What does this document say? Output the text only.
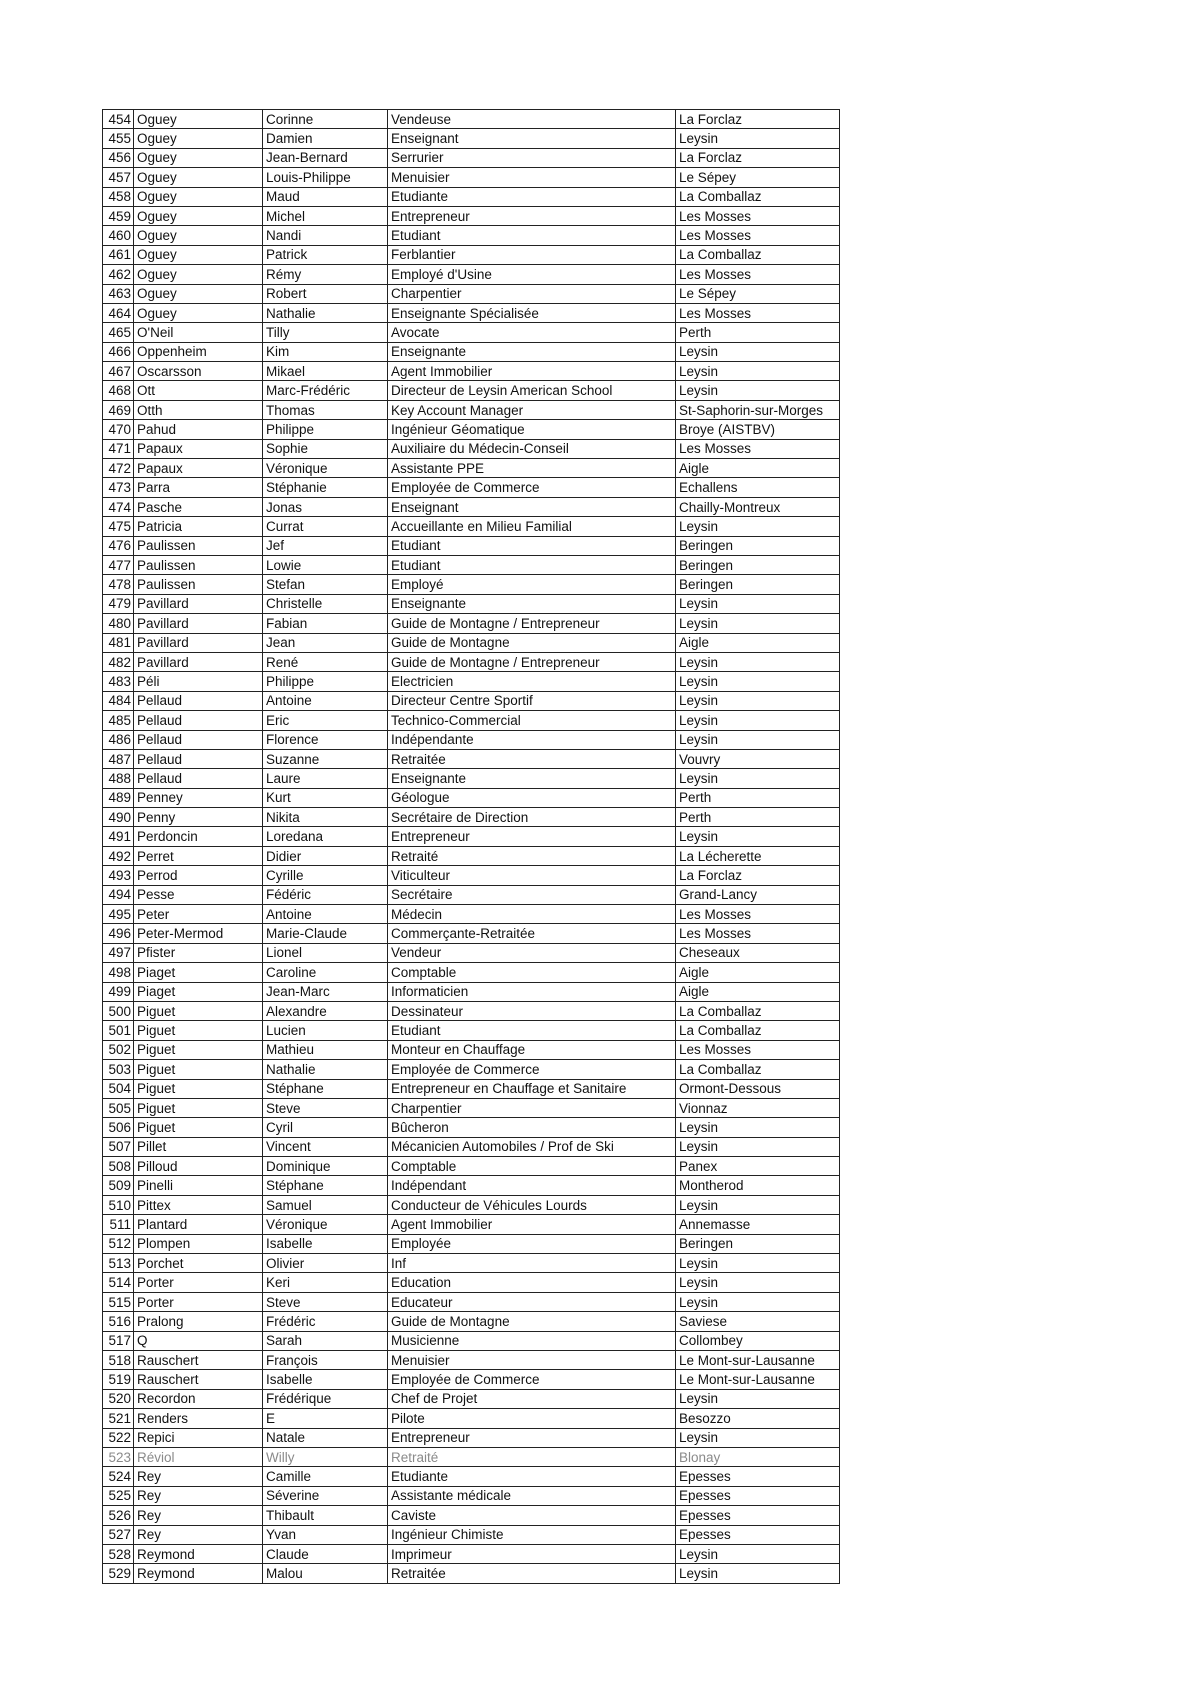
454	Oguey	Corinne	Vendeuse	La Forclaz
455	Oguey	Damien	Enseignant	Leysin
456	Oguey	Jean-Bernard	Serrurier	La Forclaz
457	Oguey	Louis-Philippe	Menuisier	Le Sépey
458	Oguey	Maud	Etudiante	La Comballaz
459	Oguey	Michel	Entrepreneur	Les Mosses
460	Oguey	Nandi	Etudiant	Les Mosses
461	Oguey	Patrick	Ferblantier	La Comballaz
462	Oguey	Rémy	Employé d'Usine	Les Mosses
463	Oguey	Robert	Charpentier	Le Sépey
464	Oguey	Nathalie	Enseignante Spécialisée	Les Mosses
465	O'Neil	Tilly	Avocate	Perth
466	Oppenheim	Kim	Enseignante	Leysin
467	Oscarsson	Mikael	Agent Immobilier	Leysin
468	Ott	Marc-Frédéric	Directeur de Leysin American School	Leysin
469	Otth	Thomas	Key Account Manager	St-Saphorin-sur-Morges
470	Pahud	Philippe	Ingénieur Géomatique	Broye (AISTBV)
471	Papaux	Sophie	Auxiliaire du Médecin-Conseil	Les Mosses
472	Papaux	Véronique	Assistante PPE	Aigle
473	Parra	Stéphanie	Employée de Commerce	Echallens
474	Pasche	Jonas	Enseignant	Chailly-Montreux
475	Patricia	Currat	Accueillante en Milieu Familial	Leysin
476	Paulissen	Jef	Etudiant	Beringen
477	Paulissen	Lowie	Etudiant	Beringen
478	Paulissen	Stefan	Employé	Beringen
479	Pavillard	Christelle	Enseignante	Leysin
480	Pavillard	Fabian	Guide de Montagne / Entrepreneur	Leysin
481	Pavillard	Jean	Guide de Montagne	Aigle
482	Pavillard	René	Guide de Montagne / Entrepreneur	Leysin
483	Péli	Philippe	Electricien	Leysin
484	Pellaud	Antoine	Directeur Centre Sportif	Leysin
485	Pellaud	Eric	Technico-Commercial	Leysin
486	Pellaud	Florence	Indépendante	Leysin
487	Pellaud	Suzanne	Retraitée	Vouvry
488	Pellaud	Laure	Enseignante	Leysin
489	Penney	Kurt	Géologue	Perth
490	Penny	Nikita	Secrétaire de Direction	Perth
491	Perdoncin	Loredana	Entrepreneur	Leysin
492	Perret	Didier	Retraité	La Lécherette
493	Perrod	Cyrille	Viticulteur	La Forclaz
494	Pesse	Fédéric	Secrétaire	Grand-Lancy
495	Peter	Antoine	Médecin	Les Mosses
496	Peter-Mermod	Marie-Claude	Commerçante-Retraitée	Les Mosses
497	Pfister	Lionel	Vendeur	Cheseaux
498	Piaget	Caroline	Comptable	Aigle
499	Piaget	Jean-Marc	Informaticien	Aigle
500	Piguet	Alexandre	Dessinateur	La Comballaz
501	Piguet	Lucien	Etudiant	La Comballaz
502	Piguet	Mathieu	Monteur en Chauffage	Les Mosses
503	Piguet	Nathalie	Employée de Commerce	La Comballaz
504	Piguet	Stéphane	Entrepreneur en Chauffage et Sanitaire	Ormont-Dessous
505	Piguet	Steve	Charpentier	Vionnaz
506	Piguet	Cyril	Bûcheron	Leysin
507	Pillet	Vincent	Mécanicien Automobiles / Prof de Ski	Leysin
508	Pilloud	Dominique	Comptable	Panex
509	Pinelli	Stéphane	Indépendant	Montherod
510	Pittex	Samuel	Conducteur de Véhicules Lourds	Leysin
511	Plantard	Véronique	Agent Immobilier	Annemasse
512	Plompen	Isabelle	Employée	Beringen
513	Porchet	Olivier	Inf	Leysin
514	Porter	Keri	Education	Leysin
515	Porter	Steve	Educateur	Leysin
516	Pralong	Frédéric	Guide de Montagne	Saviese
517	Q	Sarah	Musicienne	Collombey
518	Rauschert	François	Menuisier	Le Mont-sur-Lausanne
519	Rauschert	Isabelle	Employée de Commerce	Le Mont-sur-Lausanne
520	Recordon	Frédérique	Chef de Projet	Leysin
521	Renders	E	Pilote	Besozzo
522	Repici	Natale	Entrepreneur	Leysin
523	Réviol	Willy	Retraité	Blonay
524	Rey	Camille	Etudiante	Epesses
525	Rey	Séverine	Assistante médicale	Epesses
526	Rey	Thibault	Caviste	Epesses
527	Rey	Yvan	Ingénieur Chimiste	Epesses
528	Reymond	Claude	Imprimeur	Leysin
529	Reymond	Malou	Retraitée	Leysin
